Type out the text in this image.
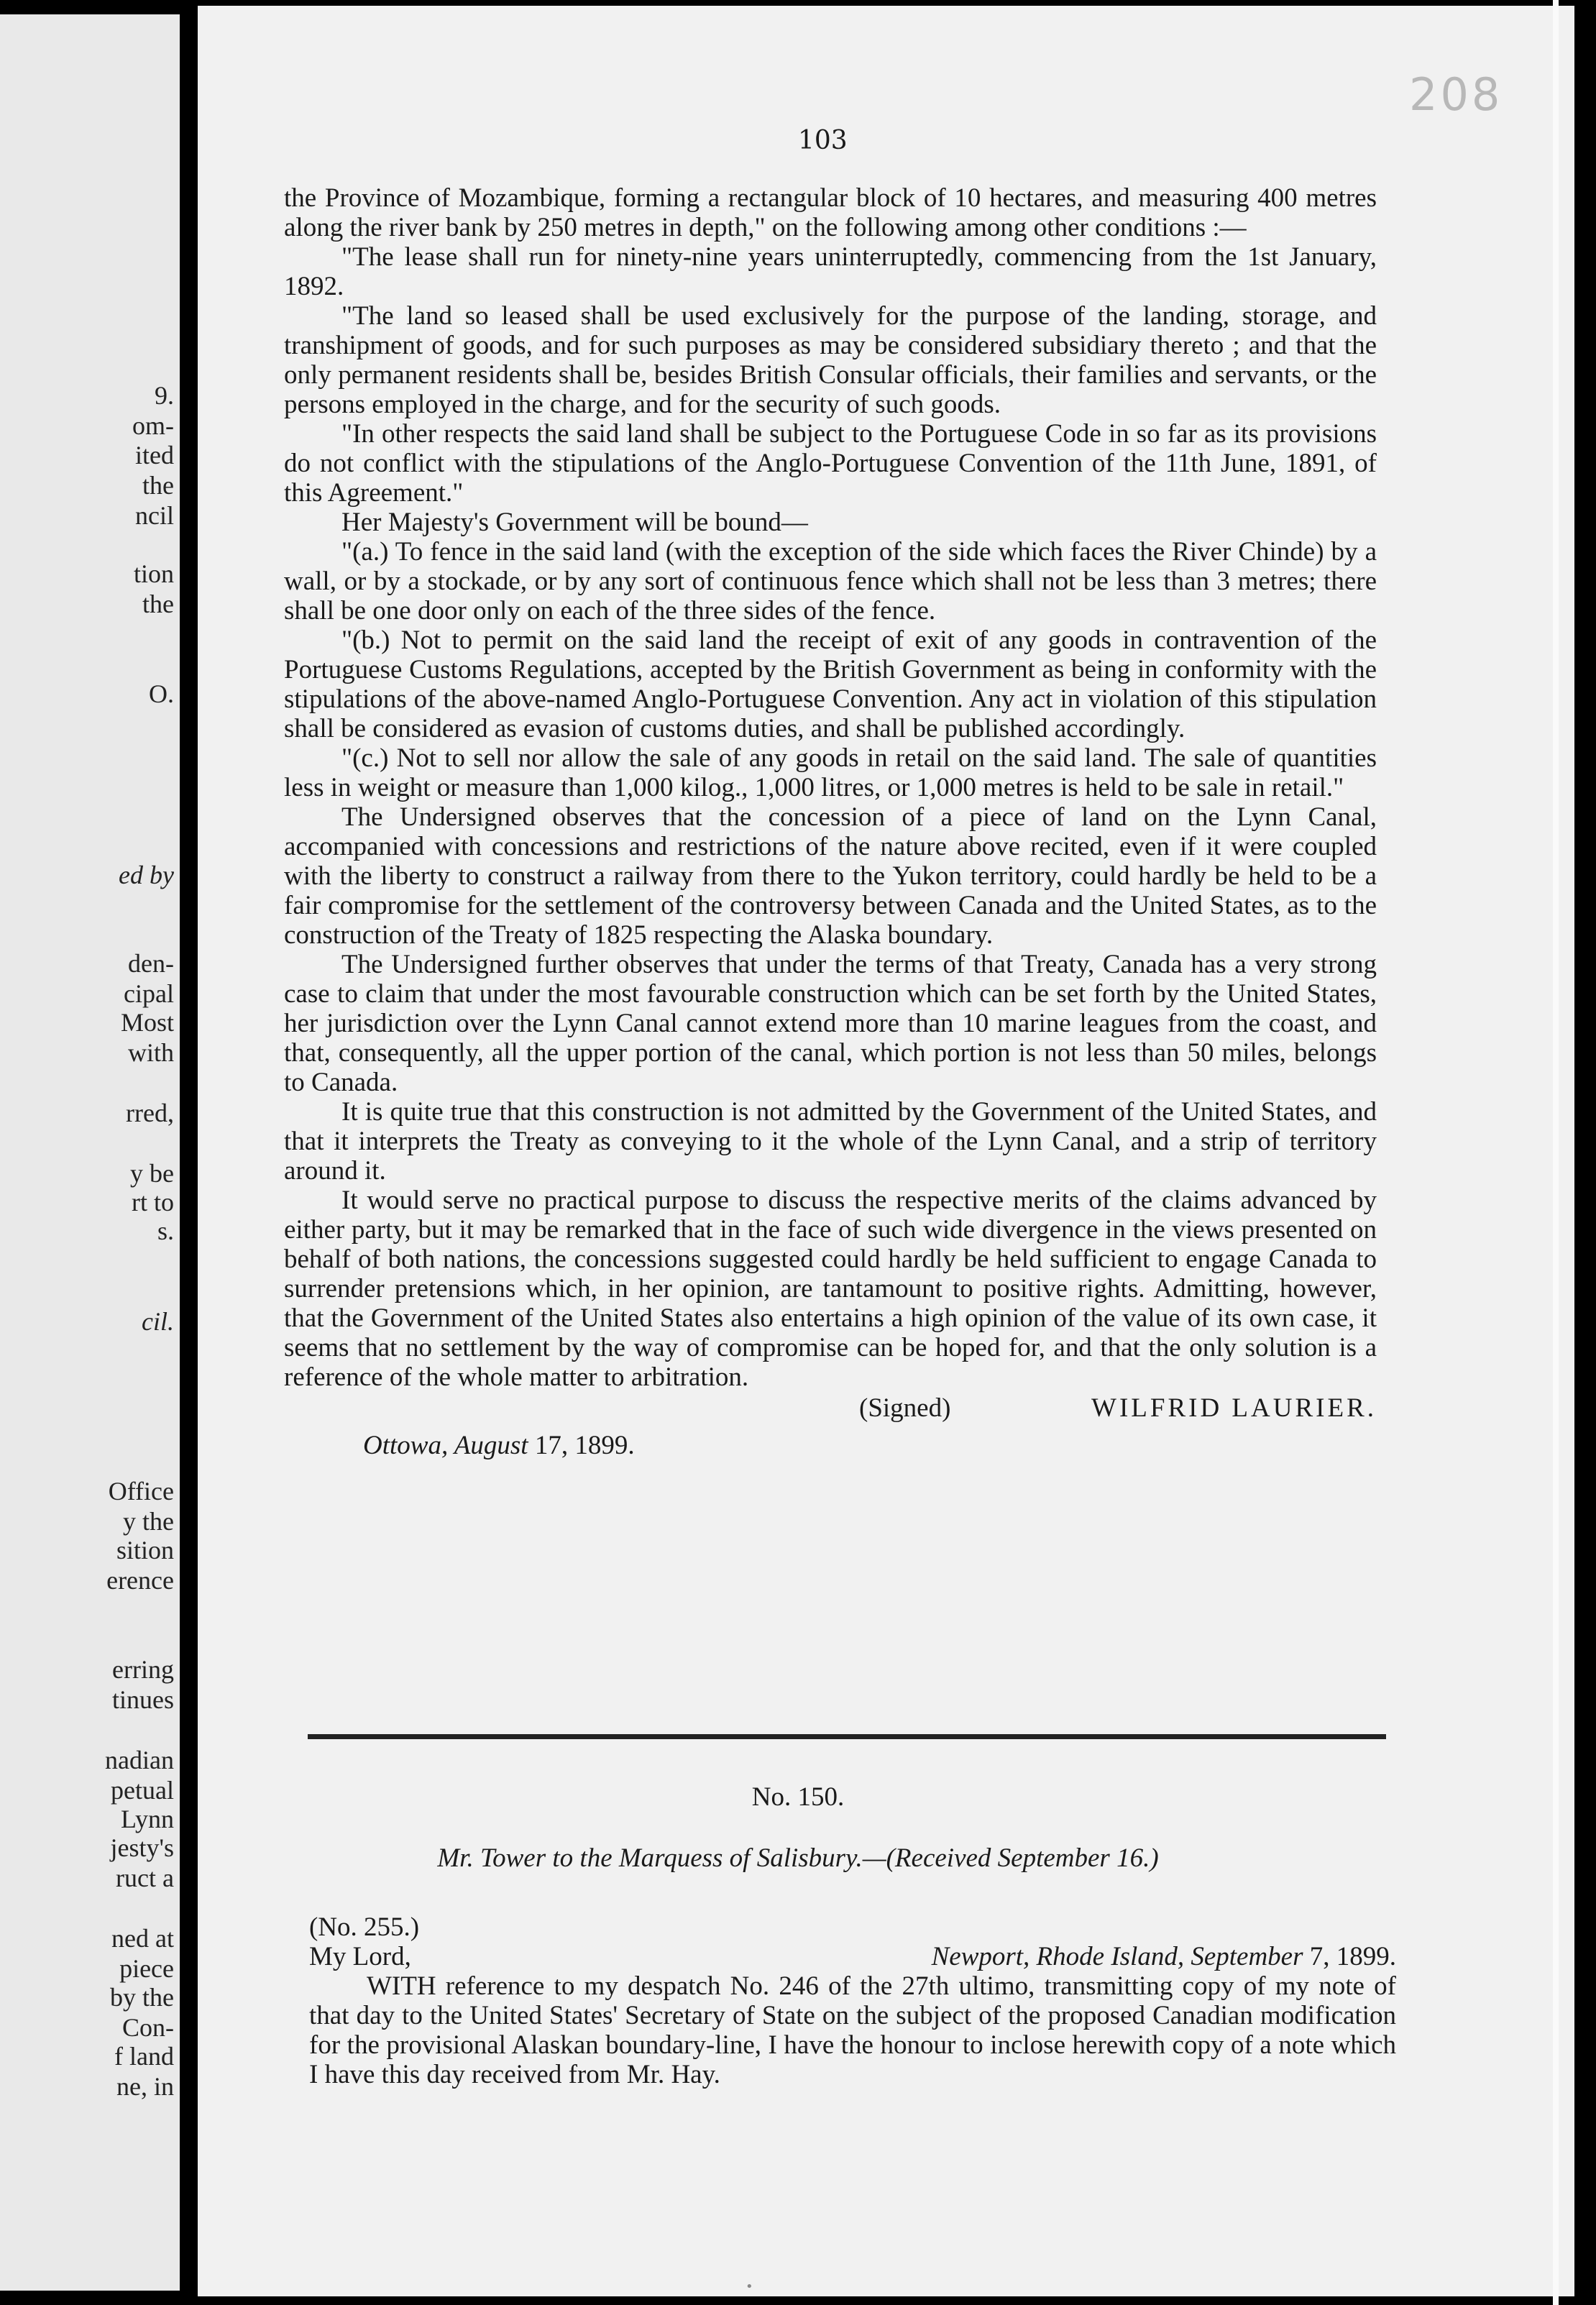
9.
om-
ited
the
ncil
tion
the
O.
ed by
den-
cipal
Most
with
rred,
y be
rt to
s.
cil.
Office
y the
sition
erence
erring
tinues
nadian
petual
Lynn
jesty's
ruct a
ned at
piece
by the
Con-
f land
ne, in
208
103

the Province of Mozambique, forming a rectangular block of 10 hectares, and measuring 400 metres along the river bank by 250 metres in depth," on the following among other conditions :—

"The lease shall run for ninety-nine years uninterruptedly, commencing from the 1st January, 1892.

"The land so leased shall be used exclusively for the purpose of the landing, storage, and transhipment of goods, and for such purposes as may be considered subsidiary thereto ; and that the only permanent residents shall be, besides British Consular officials, their families and servants, or the persons employed in the charge, and for the security of such goods.

"In other respects the said land shall be subject to the Portuguese Code in so far as its provisions do not conflict with the stipulations of the Anglo-Portuguese Convention of the 11th June, 1891, of this Agreement."

Her Majesty's Government will be bound—

"(a.) To fence in the said land (with the exception of the side which faces the River Chinde) by a wall, or by a stockade, or by any sort of continuous fence which shall not be less than 3 metres; there shall be one door only on each of the three sides of the fence.

"(b.) Not to permit on the said land the receipt of exit of any goods in contravention of the Portuguese Customs Regulations, accepted by the British Government as being in conformity with the stipulations of the above-named Anglo-Portuguese Convention. Any act in violation of this stipulation shall be considered as evasion of customs duties, and shall be published accordingly.

"(c.) Not to sell nor allow the sale of any goods in retail on the said land. The sale of quantities less in weight or measure than 1,000 kilog., 1,000 litres, or 1,000 metres is held to be sale in retail."

The Undersigned observes that the concession of a piece of land on the Lynn Canal, accompanied with concessions and restrictions of the nature above recited, even if it were coupled with the liberty to construct a railway from there to the Yukon territory, could hardly be held to be a fair compromise for the settlement of the controversy between Canada and the United States, as to the construction of the Treaty of 1825 respecting the Alaska boundary.

The Undersigned further observes that under the terms of that Treaty, Canada has a very strong case to claim that under the most favourable construction which can be set forth by the United States, her jurisdiction over the Lynn Canal cannot extend more than 10 marine leagues from the coast, and that, consequently, all the upper portion of the canal, which portion is not less than 50 miles, belongs to Canada.

It is quite true that this construction is not admitted by the Government of the United States, and that it interprets the Treaty as conveying to it the whole of the Lynn Canal, and a strip of territory around it.

It would serve no practical purpose to discuss the respective merits of the claims advanced by either party, but it may be remarked that in the face of such wide divergence in the views presented on behalf of both nations, the concessions suggested could hardly be held sufficient to engage Canada to surrender pretensions which, in her opinion, are tantamount to positive rights. Admitting, however, that the Government of the United States also entertains a high opinion of the value of its own case, it seems that no settlement by the way of compromise can be hoped for, and that the only solution is a reference of the whole matter to arbitration.

(Signed)	WILFRID LAURIER.

Ottowa, August 17, 1899.

No. 150.
Mr. Tower to the Marquess of Salisbury.—(Received September 16.)

(No. 255.)

My Lord,	Newport, Rhode Island, September 7, 1899.

WITH reference to my despatch No. 246 of the 27th ultimo, transmitting copy of my note of that day to the United States' Secretary of State on the subject of the proposed Canadian modification for the provisional Alaskan boundary-line, I have the honour to inclose herewith copy of a note which I have this day received from Mr. Hay.

•
